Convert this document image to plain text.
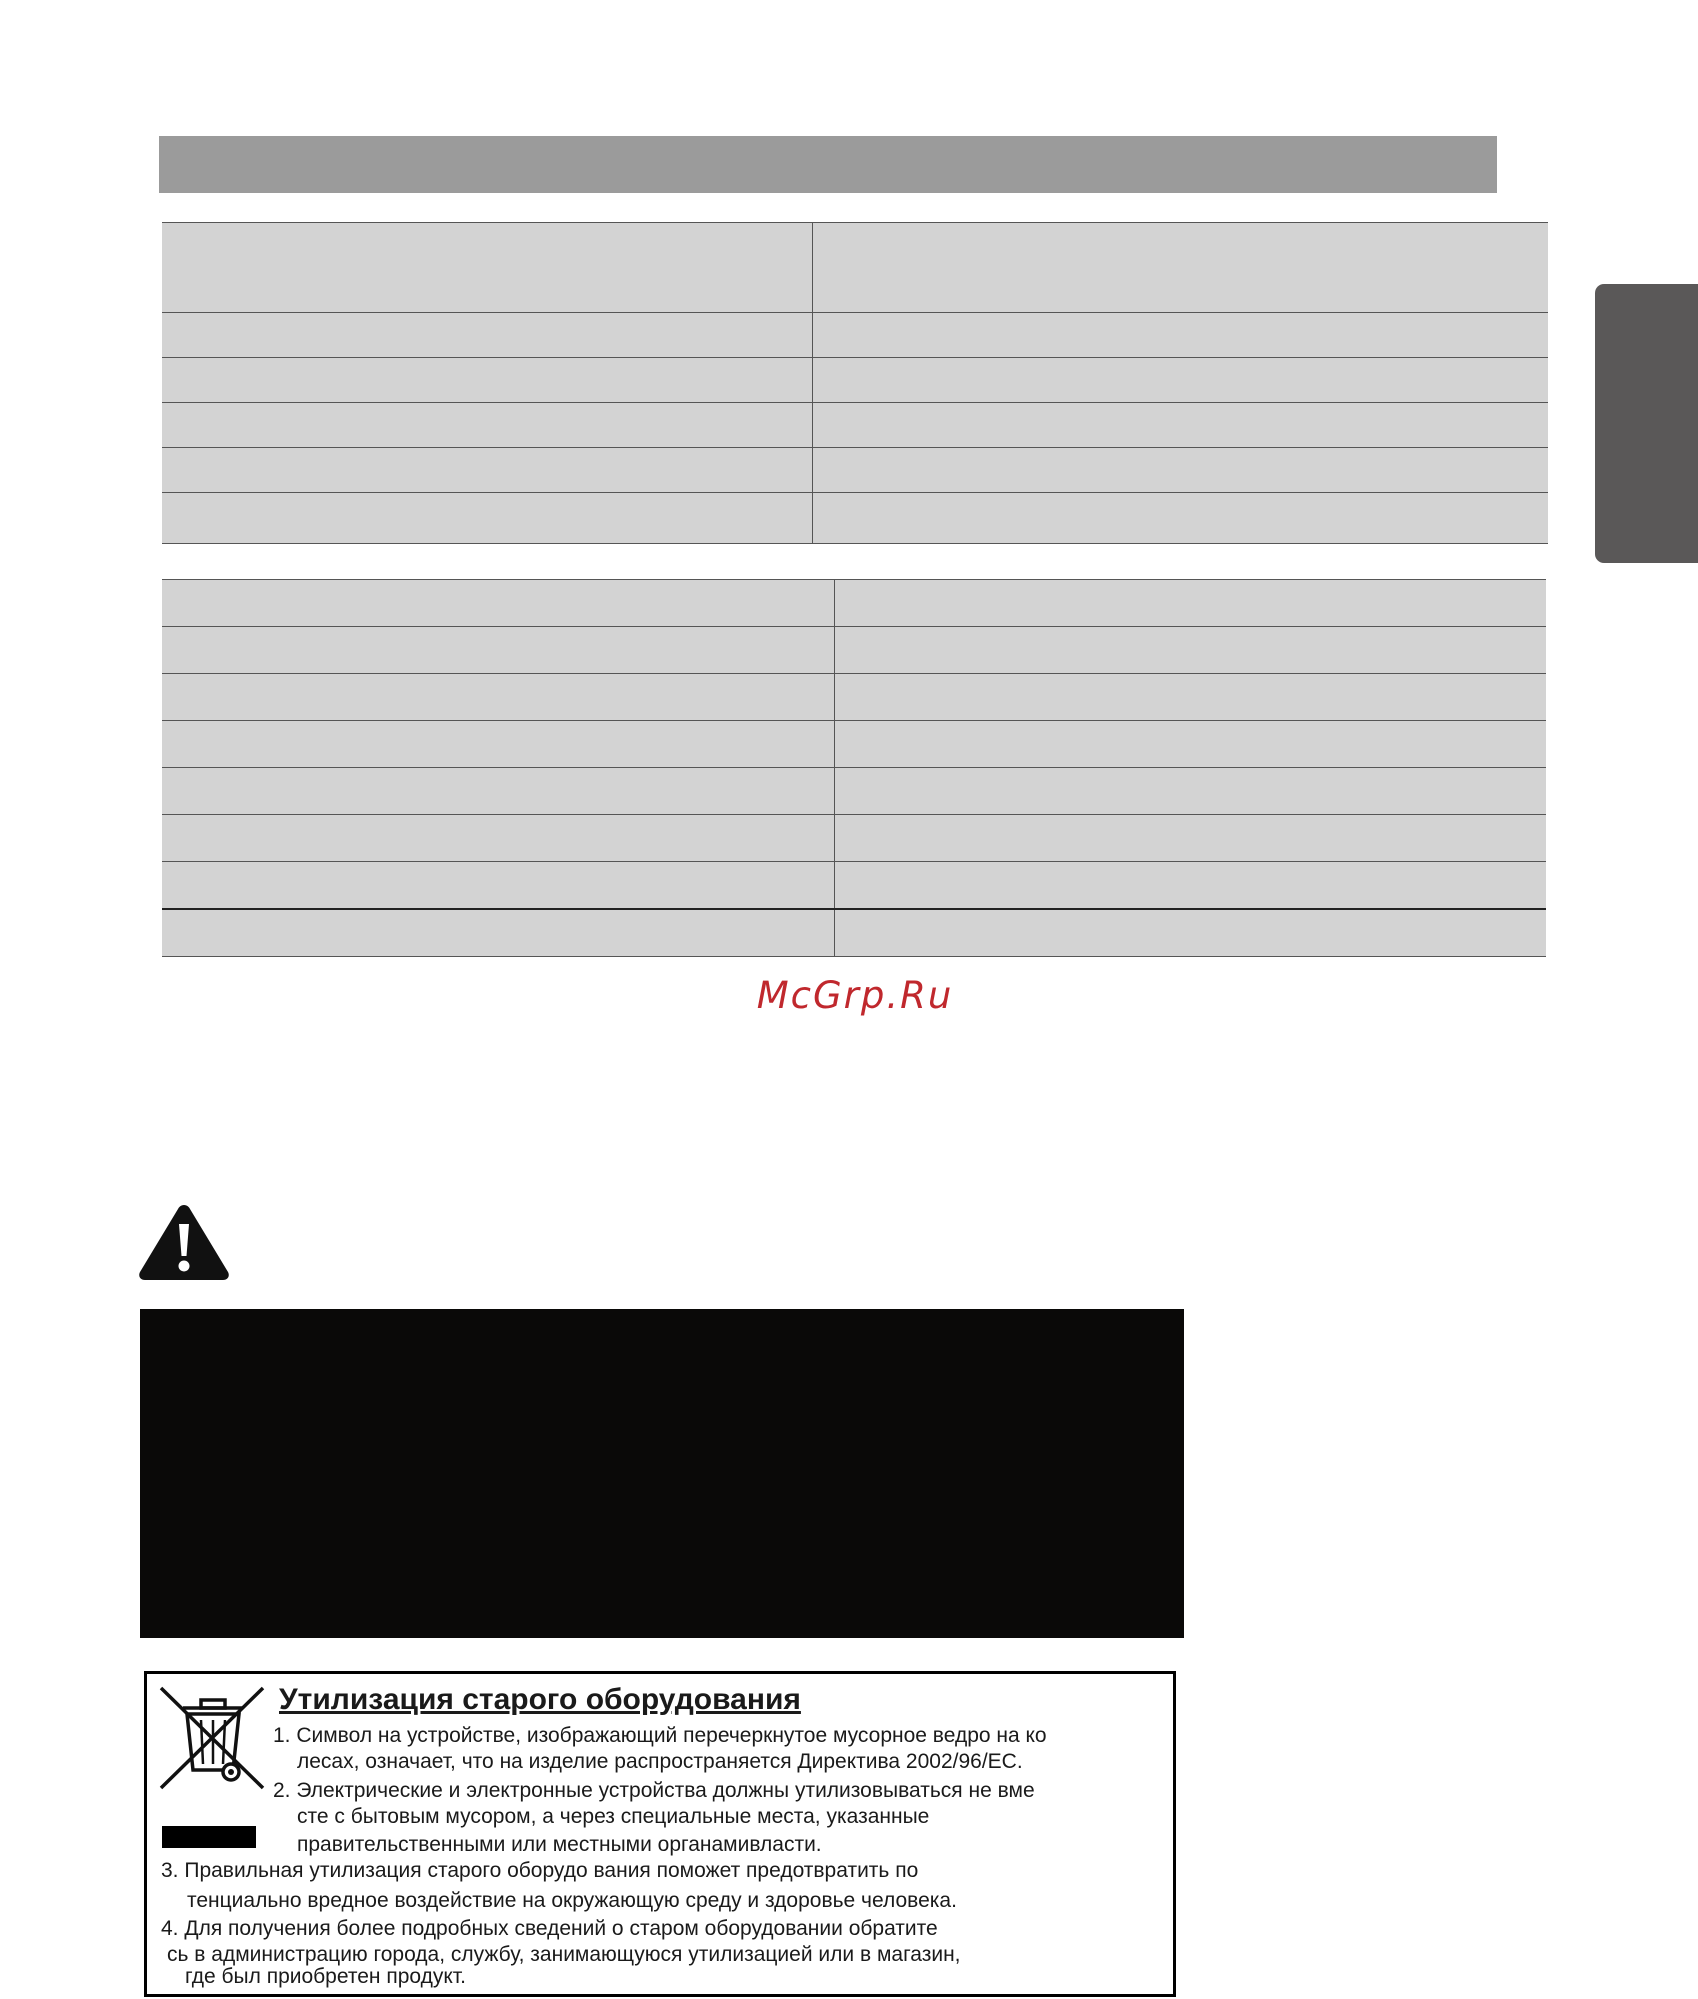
McGrp.Ru
Утилизация старого оборудования
1. Символ на устройстве, изображающий перечеркнутое мусорное ведро на ко
лесах, означает, что на изделие распространяется Директива 2002/96/EC.
2. Электрические и электронные устройства должны утилизовываться не вме
сте с бытовым мусором, а через специальные места, указанные
правительственными или местными органамивласти.
3. Правильная утилизация старого оборудо вания поможет предотвратить по
тенциально вредное воздействие на окружающую среду и здоровье человека.
4. Для получения более подробных сведений о старом оборудовании обратите
сь в администрацию города, службу, занимающуюся утилизацией или в магазин,
где был приобретен продукт.
